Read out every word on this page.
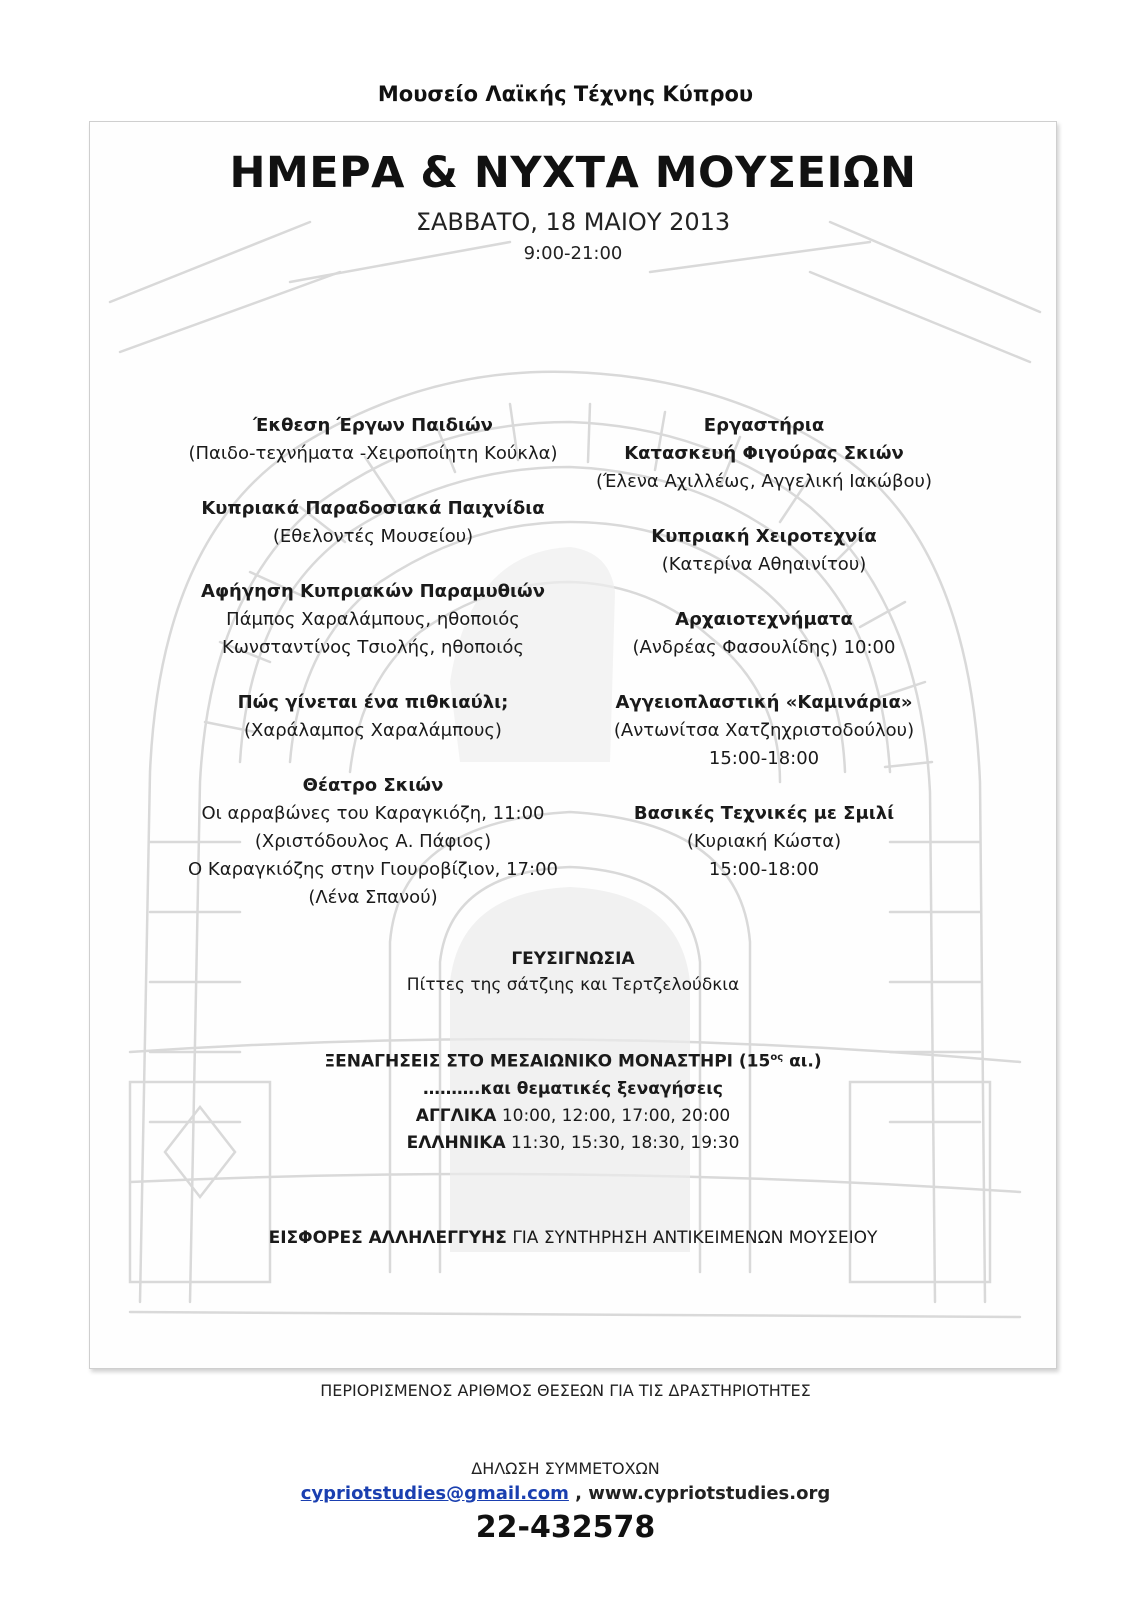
Μουσείο Λαϊκής Τέχνης Κύπρου
ΗΜΕΡΑ & ΝΥΧΤΑ ΜΟΥΣΕΙΩΝ
ΣΑΒΒΑΤΟ, 18 ΜΑΙΟΥ 2013
9:00-21:00
Έκθεση Έργων Παιδιών
(Παιδο-τεχνήματα -Χειροποίητη Κούκλα)
Κυπριακά Παραδοσιακά Παιχνίδια
(Εθελοντές Μουσείου)
Αφήγηση Κυπριακών Παραμυθιών
Πάμπος Χαραλάμπους, ηθοποιός
Κωνσταντίνος Τσιολής, ηθοποιός
Πώς γίνεται ένα πιθκιαύλι;
(Χαράλαμπος Χαραλάμπους)
Θέατρο Σκιών
Οι αρραβώνες του Καραγκιόζη, 11:00
(Χριστόδουλος Α. Πάφιος)
Ο Καραγκιόζης στην Γιουροβίζιον, 17:00
(Λένα Σπανού)
Εργαστήρια
Κατασκευή Φιγούρας Σκιών
(Έλενα Αχιλλέως, Αγγελική Ιακώβου)
Κυπριακή Χειροτεχνία
(Κατερίνα Αθηαινίτου)
Αρχαιοτεχνήματα
(Ανδρέας Φασουλίδης) 10:00
Αγγειοπλαστική «Καμινάρια»
(Αντωνίτσα Χατζηχριστοδούλου)
15:00-18:00
Βασικές Τεχνικές με Σμιλί
(Κυριακή Κώστα)
15:00-18:00
ΓΕΥΣΙΓΝΩΣΙΑ
Πίττες της σάτζιης και Τερτζελούδκια
ΞΕΝΑΓΗΣΕΙΣ ΣΤΟ ΜΕΣΑΙΩΝΙΚΟ ΜΟΝΑΣΤΗΡΙ ($15^{o\varsigma}$ αι.)
……….και θεματικές ξεναγήσεις
ΑΓΓΛΙΚΑ 10:00, 12:00, 17:00, 20:00
ΕΛΛΗΝΙΚΑ 11:30, 15:30, 18:30, 19:30
ΕΙΣΦΟΡΕΣ ΑΛΛΗΛΕΓΓΥΗΣ ΓΙΑ ΣΥΝΤΗΡΗΣΗ ΑΝΤΙΚΕΙΜΕΝΩΝ ΜΟΥΣΕΙΟΥ
ΠΕΡΙΟΡΙΣΜΕΝΟΣ ΑΡΙΘΜΟΣ ΘΕΣΕΩΝ ΓΙΑ ΤΙΣ ΔΡΑΣΤΗΡΙΟΤΗΤΕΣ
ΔΗΛΩΣΗ ΣΥΜΜΕΤΟΧΩΝ
cypriotstudies@gmail.com , www.cypriotstudies.org
22-432578
